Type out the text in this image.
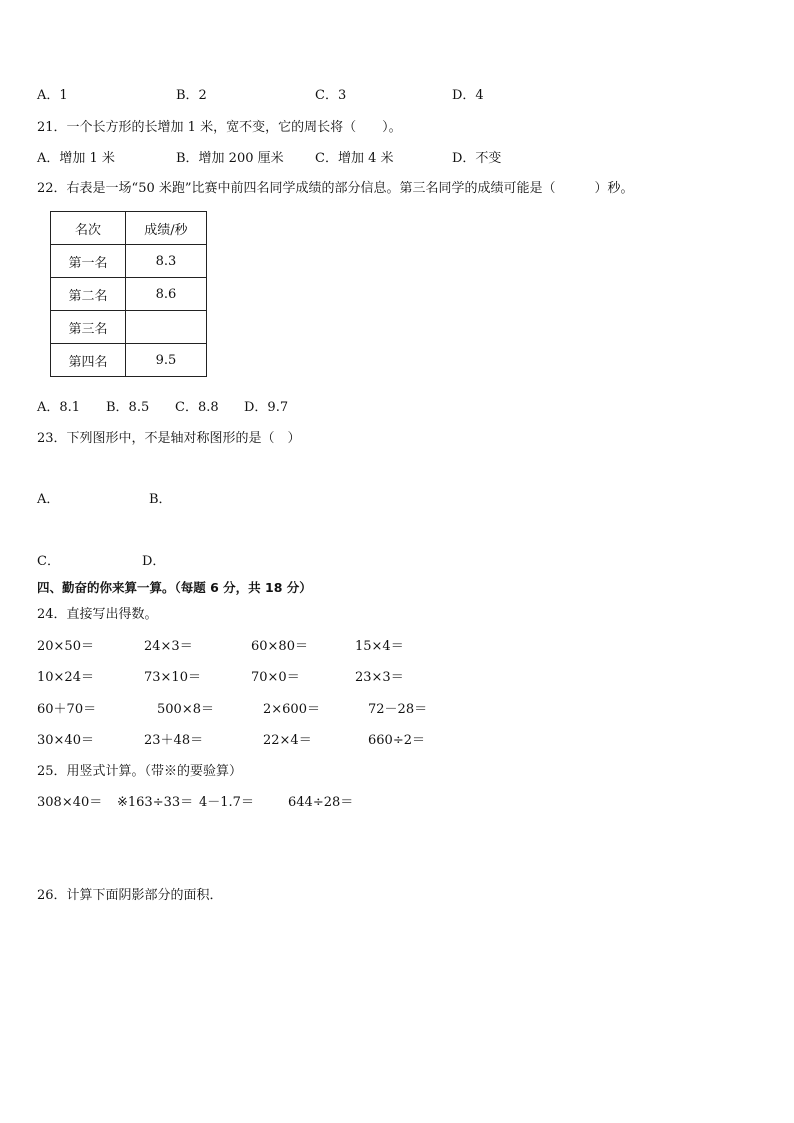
A．1	B．2	C．3	D．4
21．一个长方形的长增加 1 米，宽不变，它的周长将（　　）。
A．增加 1 米	B．增加 200 厘米 C．增加 4 米	D．不变
22．右表是一场“50 米跑”比赛中前四名同学成绩的部分信息。第三名同学的成绩可能是（　　　）秒。
名次	成绩/秒
第一名	8.3
第二名	8.6
第三名	
第四名	9.5
A．8.1 B．8.5 C．8.8 D．9.7
23．下列图形中，不是轴对称图形的是（　）
A．	B．
C．	D．
四、勤奋的你来算一算。（每题 6 分，共 18 分）
24．直接写出得数。
20×50＝	24×3＝	60×80＝	15×4＝
10×24＝	73×10＝	70×0＝	23×3＝
60＋70＝	500×8＝	2×600＝	72－28＝
30×40＝	23＋48＝	22×4＝	660÷2＝
25．用竖式计算。（带※的要验算）
308×40＝ ※163÷33＝ 4－1.7＝	644÷28＝
26．计算下面阴影部分的面积．
